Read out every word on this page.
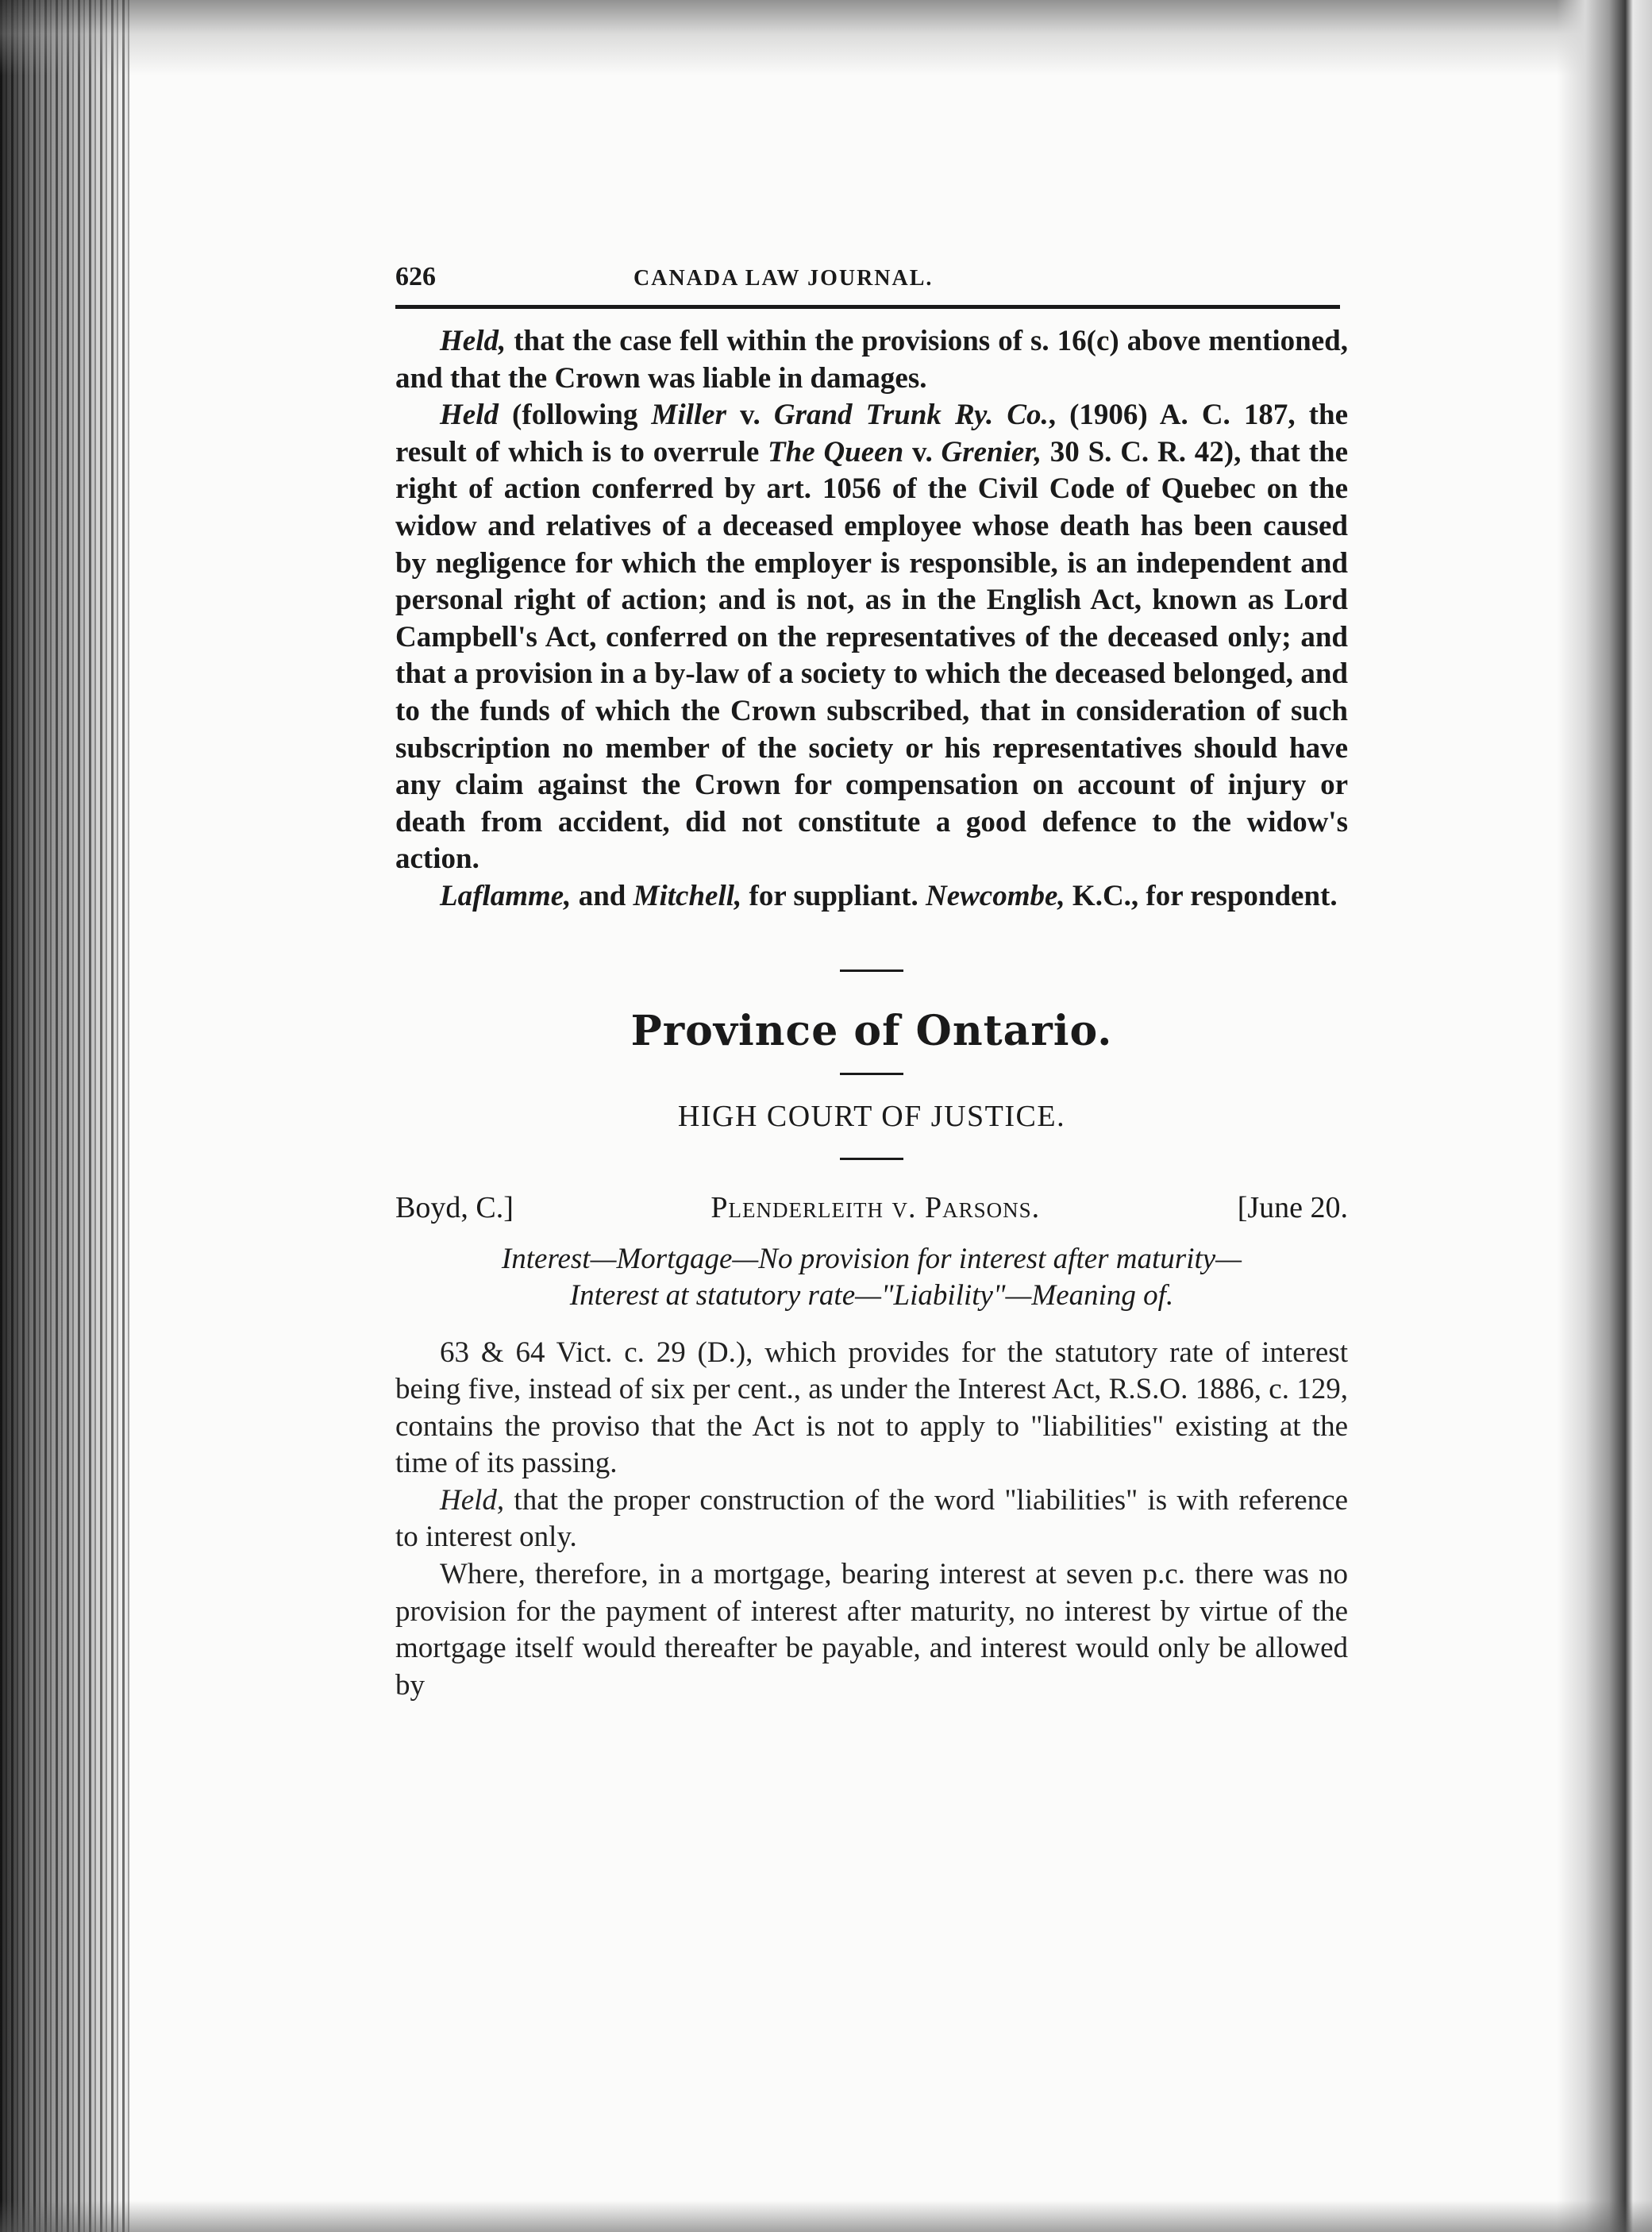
626	CANADA LAW JOURNAL.

Held, that the case fell within the provisions of s. 16(c) above mentioned, and that the Crown was liable in damages.

Held (following Miller v. Grand Trunk Ry. Co., (1906) A. C. 187, the result of which is to overrule The Queen v. Grenier, 30 S. C. R. 42), that the right of action conferred by art. 1056 of the Civil Code of Quebec on the widow and relatives of a deceased employee whose death has been caused by negligence for which the employer is responsible, is an independent and personal right of action; and is not, as in the English Act, known as Lord Campbell's Act, conferred on the representatives of the deceased only; and that a provision in a by-law of a society to which the deceased belonged, and to the funds of which the Crown subscribed, that in consideration of such subscription no member of the society or his representatives should have any claim against the Crown for compensation on account of injury or death from accident, did not constitute a good defence to the widow's action.

Laflamme, and Mitchell, for suppliant. Newcombe, K.C., for respondent.

Province of Ontario.
HIGH COURT OF JUSTICE.
Boyd, C.]	Plenderleith v. Parsons.	[June 20.
Interest—Mortgage—No provision for interest after maturity—
Interest at statutory rate—"Liability"—Meaning of.

63 & 64 Vict. c. 29 (D.), which provides for the statutory rate of interest being five, instead of six per cent., as under the Interest Act, R.S.O. 1886, c. 129, contains the proviso that the Act is not to apply to "liabilities" existing at the time of its passing.

Held, that the proper construction of the word "liabilities" is with reference to interest only.

Where, therefore, in a mortgage, bearing interest at seven p.c. there was no provision for the payment of interest after maturity, no interest by virtue of the mortgage itself would thereafter be payable, and interest would only be allowed by
